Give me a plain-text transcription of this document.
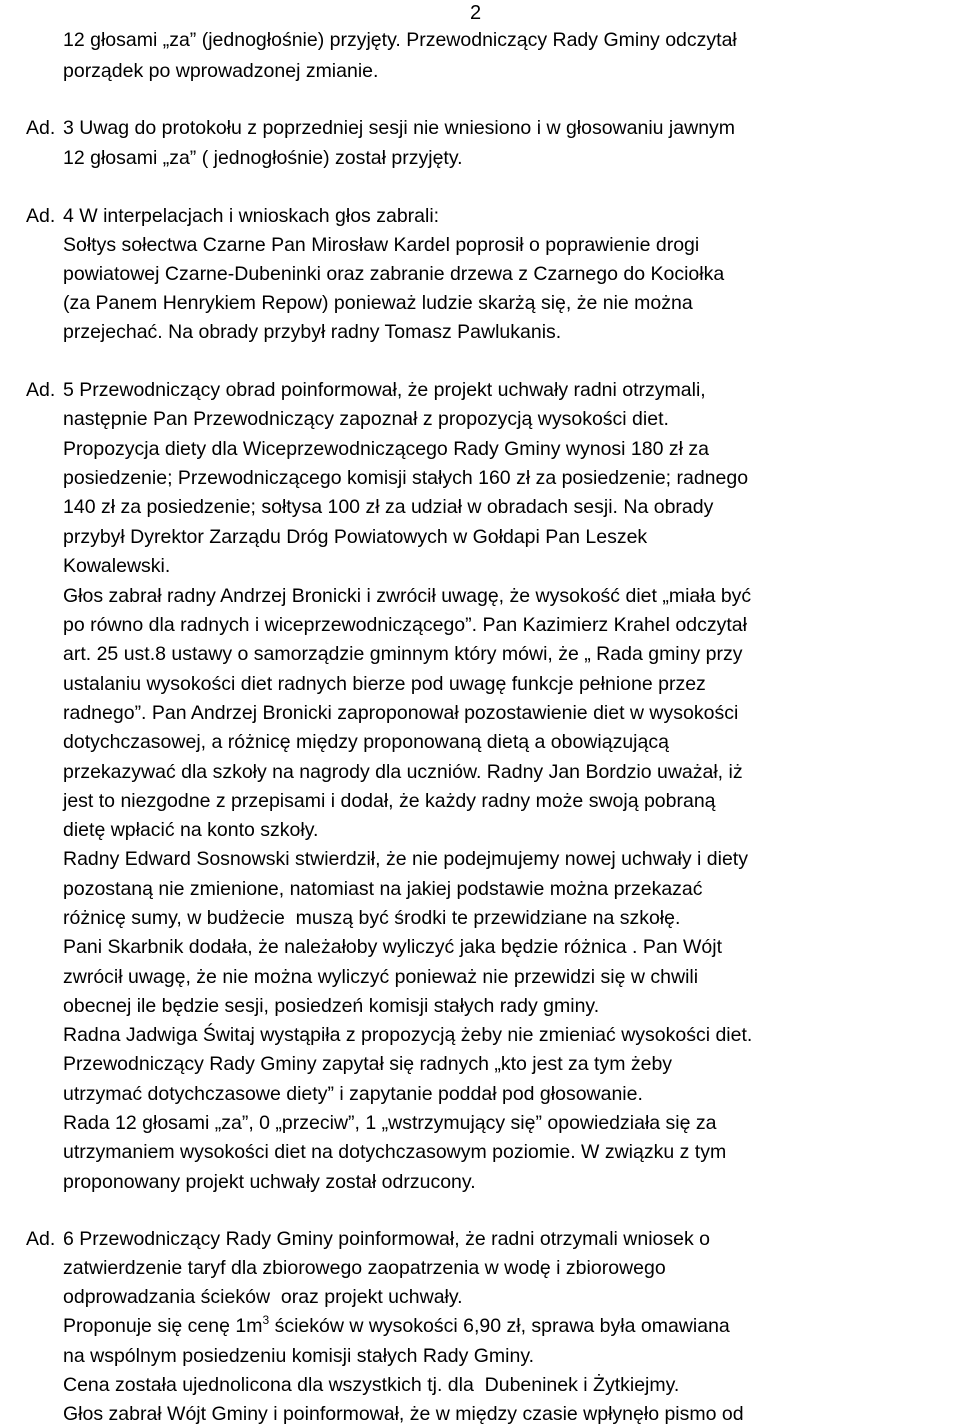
2
12 głosami „za” (jednogłośnie) przyjęty. Przewodniczący Rady Gminy odczytał
porządek po wprowadzonej zmianie.
Ad. 3 Uwag do protokołu z poprzedniej sesji nie wniesiono i w głosowaniu jawnym
12 głosami „za” ( jednogłośnie) został przyjęty.
Ad. 4 W interpelacjach i wnioskach głos zabrali:
Sołtys sołectwa Czarne Pan Mirosław Kardel poprosił o poprawienie drogi
powiatowej Czarne-Dubeninki oraz zabranie drzewa z Czarnego do Kociołka
(za Panem Henrykiem Repow) ponieważ ludzie skarżą się, że nie można
przejechać. Na obrady przybył radny Tomasz Pawlukanis.
Ad. 5 Przewodniczący obrad poinformował, że projekt uchwały radni otrzymali,
następnie Pan Przewodniczący zapoznał z propozycją wysokości diet.
Propozycja diety dla Wiceprzewodniczącego Rady Gminy wynosi 180 zł za
posiedzenie; Przewodniczącego komisji stałych 160 zł za posiedzenie; radnego
140 zł za posiedzenie; sołtysa 100 zł za udział w obradach sesji. Na obrady
przybył Dyrektor Zarządu Dróg Powiatowych w Gołdapi Pan Leszek
Kowalewski.
Głos zabrał radny Andrzej Bronicki i zwrócił uwagę, że wysokość diet „miała być
po równo dla radnych i wiceprzewodniczącego”. Pan Kazimierz Krahel odczytał
art. 25 ust.8 ustawy o samorządzie gminnym który mówi, że „ Rada gminy przy
ustalaniu wysokości diet radnych bierze pod uwagę funkcje pełnione przez
radnego”. Pan Andrzej Bronicki zaproponował pozostawienie diet w wysokości
dotychczasowej, a różnicę między proponowaną dietą a obowiązującą
przekazywać dla szkoły na nagrody dla uczniów. Radny Jan Bordzio uważał, iż
jest to niezgodne z przepisami i dodał, że każdy radny może swoją pobraną
dietę wpłacić na konto szkoły.
Radny Edward Sosnowski stwierdził, że nie podejmujemy nowej uchwały i diety
pozostaną nie zmienione, natomiast na jakiej podstawie można przekazać
różnicę sumy, w budżecie  muszą być środki te przewidziane na szkołę.
Pani Skarbnik dodała, że należałoby wyliczyć jaka będzie różnica . Pan Wójt
zwrócił uwagę, że nie można wyliczyć ponieważ nie przewidzi się w chwili
obecnej ile będzie sesji, posiedzeń komisji stałych rady gminy.
Radna Jadwiga Świtaj wystąpiła z propozycją żeby nie zmieniać wysokości diet.
Przewodniczący Rady Gminy zapytał się radnych „kto jest za tym żeby
utrzymać dotychczasowe diety” i zapytanie poddał pod głosowanie.
Rada 12 głosami „za”, 0 „przeciw”, 1 „wstrzymujący się” opowiedziała się za
utrzymaniem wysokości diet na dotychczasowym poziomie. W związku z tym
proponowany projekt uchwały został odrzucony.
Ad. 6 Przewodniczący Rady Gminy poinformował, że radni otrzymali wniosek o
zatwierdzenie taryf dla zbiorowego zaopatrzenia w wodę i zbiorowego
odprowadzania ścieków  oraz projekt uchwały.
Proponuje się cenę $1m^3$ ścieków w wysokości 6,90 zł, sprawa była omawiana
na wspólnym posiedzeniu komisji stałych Rady Gminy.
Cena została ujednolicona dla wszystkich tj. dla  Dubeninek i Żytkiejmy.
Głos zabrał Wójt Gminy i poinformował, że w między czasie wpłynęło pismo od
